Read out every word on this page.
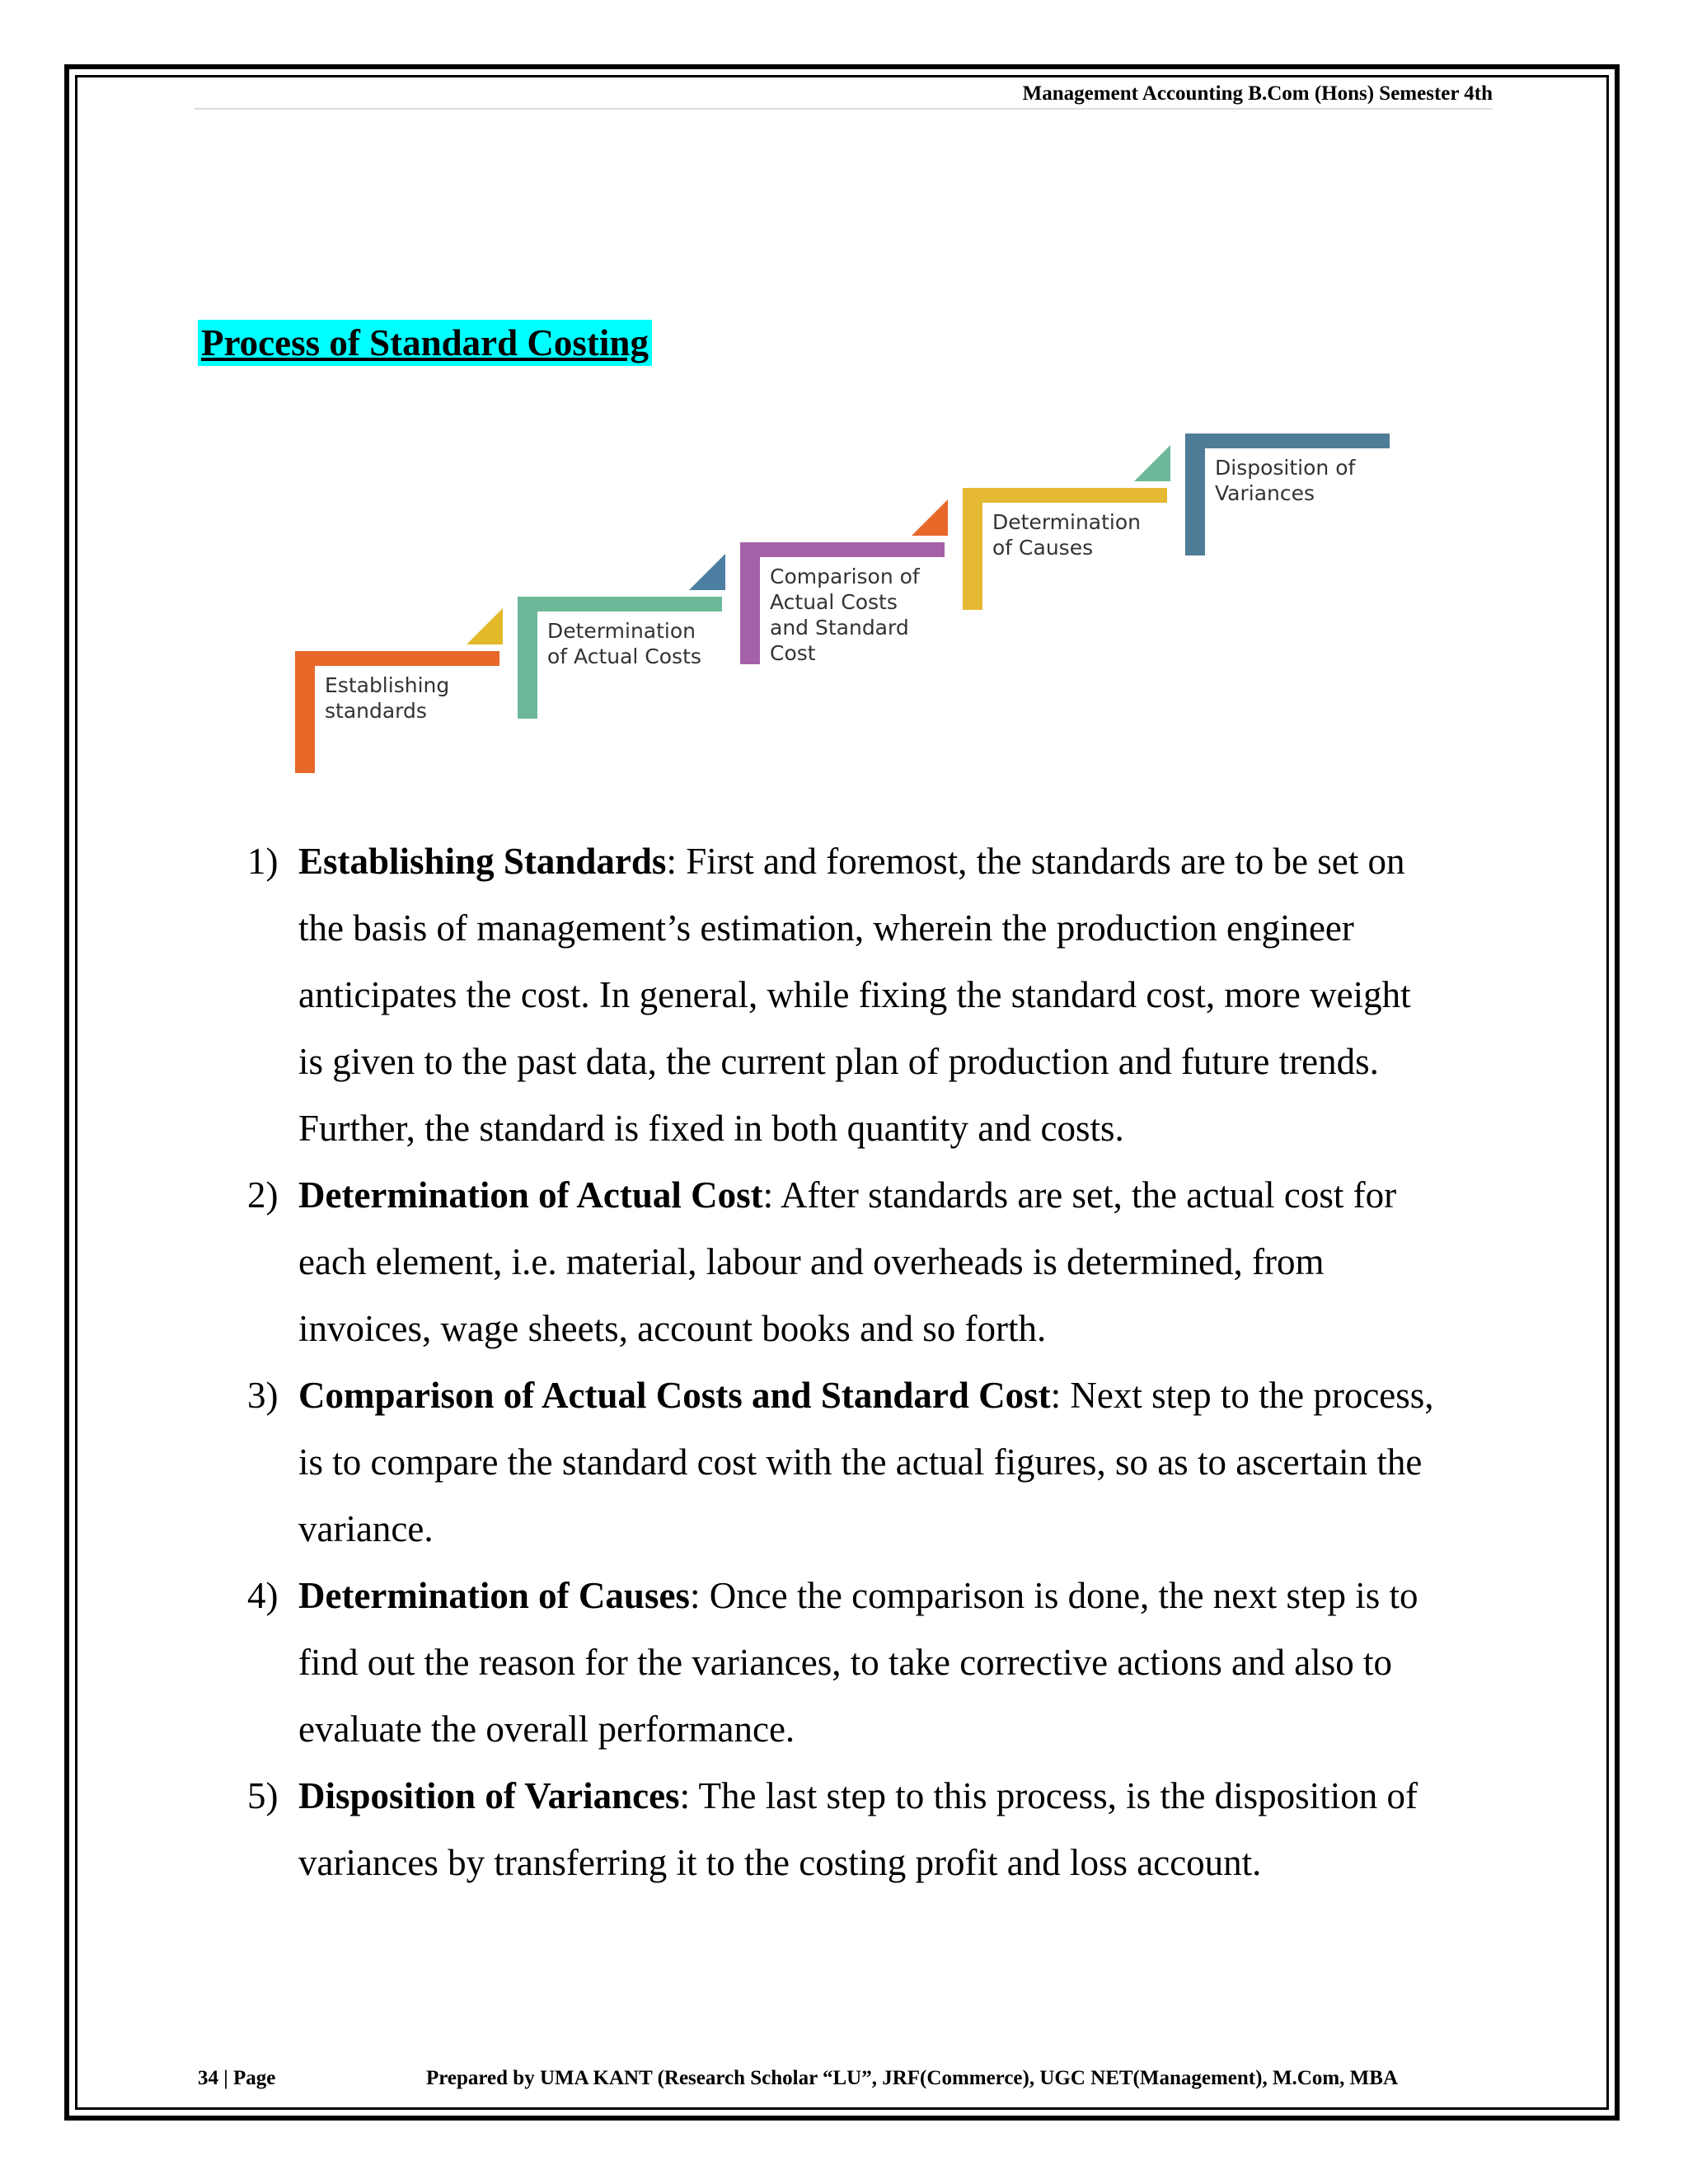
Management Accounting B.Com (Hons) Semester 4th
Process of Standard Costing
Establishing
standards
Determination
of Actual Costs
Comparison of
Actual Costs
and Standard
Cost
Determination
of Causes
Disposition of
Variances
1) Establishing Standards: First and foremost, the standards are to be set on
the basis of management’s estimation, wherein the production engineer
anticipates the cost. In general, while fixing the standard cost, more weight
is given to the past data, the current plan of production and future trends.
Further, the standard is fixed in both quantity and costs.
2) Determination of Actual Cost: After standards are set, the actual cost for
each element, i.e. material, labour and overheads is determined, from
invoices, wage sheets, account books and so forth.
3) Comparison of Actual Costs and Standard Cost: Next step to the process,
is to compare the standard cost with the actual figures, so as to ascertain the
variance.
4) Determination of Causes: Once the comparison is done, the next step is to
find out the reason for the variances, to take corrective actions and also to
evaluate the overall performance.
5) Disposition of Variances: The last step to this process, is the disposition of
variances by transferring it to the costing profit and loss account.
34 | Page	Prepared by UMA KANT (Research Scholar “LU”, JRF(Commerce), UGC NET(Management), M.Com, MBA
